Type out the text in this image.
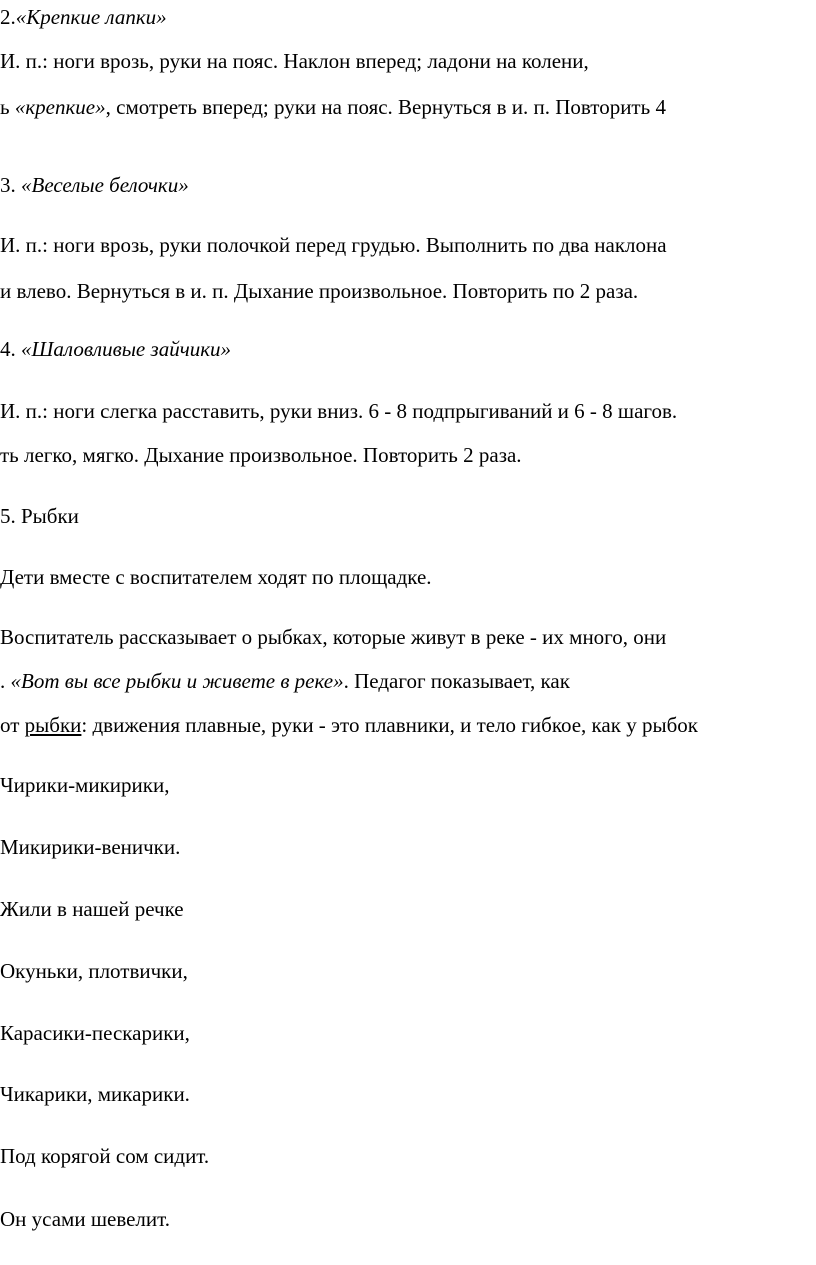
2.«Крепкие лапки»
И. п.: ноги врозь, руки на пояс. Наклон вперед; ладони на колени,
ь «крепкие», смотреть вперед; руки на пояс. Вернуться в и. п. Повторить 4
3. «Веселые белочки»
И. п.: ноги врозь, руки полочкой перед грудью. Выполнить по два наклона
и влево. Вернуться в и. п. Дыхание произвольное. Повторить по 2 раза.
4. «Шаловливые зайчики»
И. п.: ноги слегка расставить, руки вниз. 6 - 8 подпрыгиваний и 6 - 8 шагов.
ть легко, мягко. Дыхание произвольное. Повторить 2 раза.
5. Рыбки
Дети вместе с воспитателем ходят по площадке.
Воспитатель рассказывает о рыбках, которые живут в реке - их много, они
. «Вот вы все рыбки и живете в реке». Педагог показывает, как
от рыбки: движения плавные, руки - это плавники, и тело гибкое, как у рыбок
Чирики-микирики,
Микирики-венички.
Жили в нашей речке
Окуньки, плотвички,
Карасики-пескарики,
Чикарики, микарики.
Под корягой сом сидит.
Он усами шевелит.
